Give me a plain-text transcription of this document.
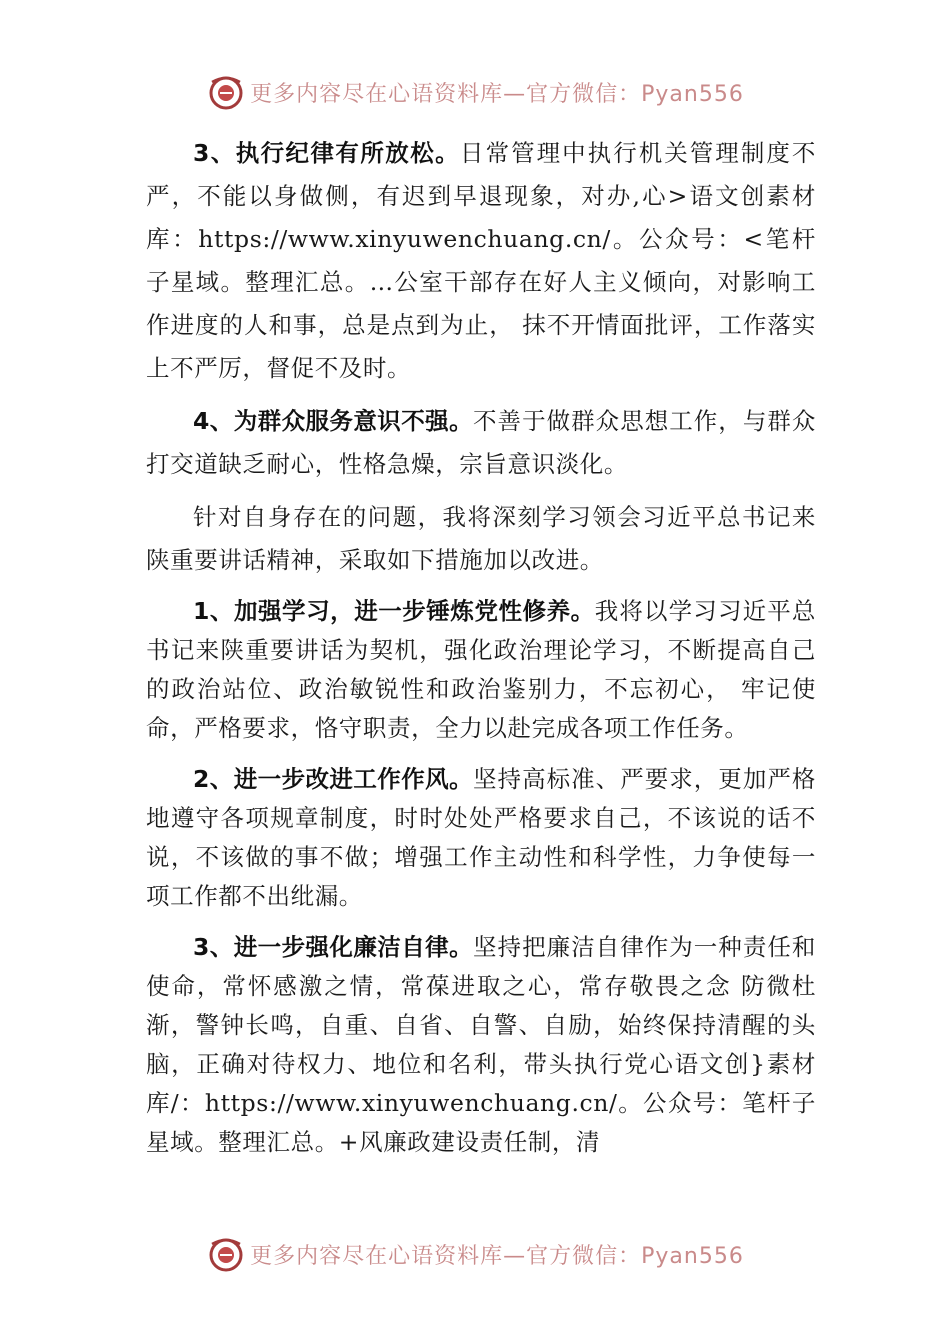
更多内容尽在心语资料库—官方微信：Pyan556

3、执行纪律有所放松。日常管理中执行机关管理制度不严，不能以身做侧，有迟到早退现象，对办,心>语文创素材库：https://www.xinyuwenchuang.cn/。公众号：<笔杆子星域。整理汇总。…公室干部存在好人主义倾向，对影响工作进度的人和事，总是点到为止， 抹不开情面批评，工作落实上不严厉，督促不及时。

4、为群众服务意识不强。不善于做群众思想工作，与群众打交道缺乏耐心，性格急燥，宗旨意识淡化。

针对自身存在的问题，我将深刻学习领会习近平总书记来陕重要讲话精神，采取如下措施加以改进。

1、加强学习，进一步锤炼党性修养。我将以学习习近平总书记来陕重要讲话为契机，强化政治理论学习，不断提高自己的政治站位、政治敏锐性和政治鉴别力，不忘初心， 牢记使命，严格要求，恪守职责，全力以赴完成各项工作任务。

2、进一步改进工作作风。坚持高标准、严要求，更加严格地遵守各项规章制度，时时处处严格要求自己，不该说的话不说，不该做的事不做；增强工作主动性和科学性，力争使每一项工作都不出纰漏。

3、进一步强化廉洁自律。坚持把廉洁自律作为一种责任和使命，常怀感激之情，常葆进取之心，常存敬畏之念 防微杜渐，警钟长鸣，自重、自省、自警、自励，始终保持清醒的头脑，正确对待权力、地位和名利，带头执行党心语文创}素材库/：https://www.xinyuwenchuang.cn/。公众号：笔杆子星域。整理汇总。+风廉政建设责任制，清

更多内容尽在心语资料库—官方微信：Pyan556
